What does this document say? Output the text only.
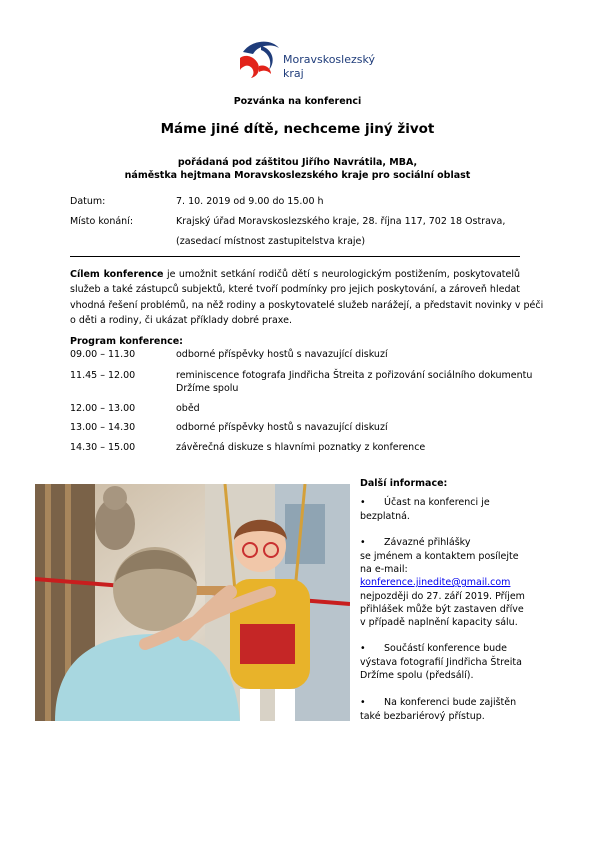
Moravskoslezský
kraj
Pozvánka na konferenci
Máme jiné dítě, nechceme jiný život
pořádaná pod záštitou Jiřího Navrátila, MBA,
náměstka hejtmana Moravskoslezského kraje pro sociální oblast
Datum:	7. 10. 2019 od 9.00 do 15.00 h
Místo konání:	Krajský úřad Moravskoslezského kraje, 28. října 117, 702 18 Ostrava,
(zasedací místnost zastupitelstva kraje)
Cílem konference je umožnit setkání rodičů dětí s neurologickým postižením, poskytovatelů
služeb a také zástupců subjektů, které tvoří podmínky pro jejich poskytování, a zároveň hledat
vhodná řešení problémů, na něž rodiny a poskytovatelé služeb narážejí, a představit novinky v péči
o děti a rodiny, či ukázat příklady dobré praxe.
Program konference:
09.00 – 11.30	odborné příspěvky hostů s navazující diskuzí
11.45 – 12.00	reminiscence fotografa Jindřicha Štreita z pořizování sociálního dokumentu
Držíme spolu
12.00 – 13.00	oběd
13.00 – 14.30	odborné příspěvky hostů s navazující diskuzí
14.30 – 15.00	závěrečná diskuze s hlavními poznatky z konference
Další informace:
• Účast na konferenci je
bezplatná.
• Závazné přihlášky
se jménem a kontaktem posílejte
na e-mail:
konference.jinedite@gmail.com
nejpozději do 27. září 2019. Příjem
přihlášek může být zastaven dříve
v případě naplnění kapacity sálu.
• Součástí konference bude
výstava fotografií Jindřicha Štreita
Držíme spolu (předsálí).
• Na konferenci bude zajištěn
také bezbariérový přístup.
